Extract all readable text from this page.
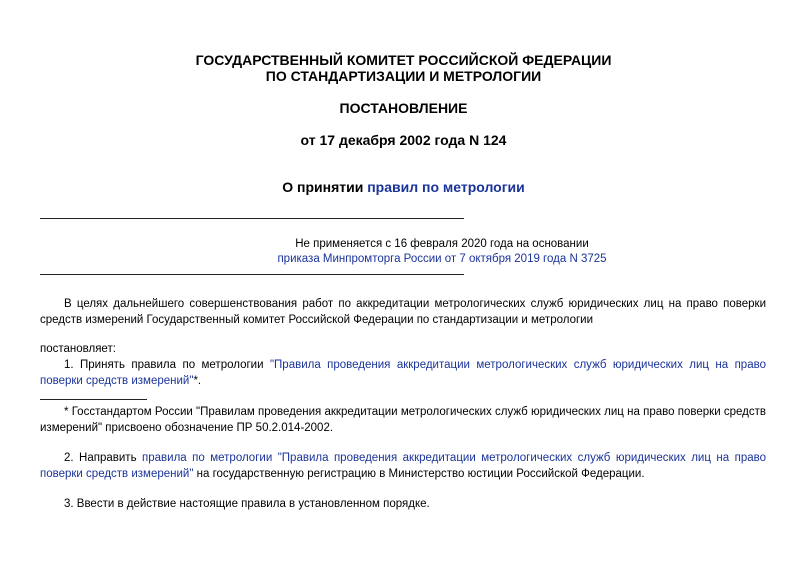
ГОСУДАРСТВЕННЫЙ КОМИТЕТ РОССИЙСКОЙ ФЕДЕРАЦИИ
ПО СТАНДАРТИЗАЦИИ И МЕТРОЛОГИИ
ПОСТАНОВЛЕНИЕ
от 17 декабря 2002 года N 124
О принятии правил по метрологии
Не применяется с 16 февраля 2020 года на основании
приказа Минпромторга России от 7 октября 2019 года N 3725
В целях дальнейшего совершенствования работ по аккредитации метрологических служб юридических лиц на право поверки средств измерений Государственный комитет Российской Федерации по стандартизации и метрологии
постановляет:
1. Принять правила по метрологии "Правила проведения аккредитации метрологических служб юридических лиц на право поверки средств измерений"*.
* Госстандартом России "Правилам проведения аккредитации метрологических служб юридических лиц на право поверки средств измерений" присвоено обозначение ПР 50.2.014-2002.
2. Направить правила по метрологии "Правила проведения аккредитации метрологических служб юридических лиц на право поверки средств измерений" на государственную регистрацию в Министерство юстиции Российской Федерации.
3. Ввести в действие настоящие правила в установленном порядке.
